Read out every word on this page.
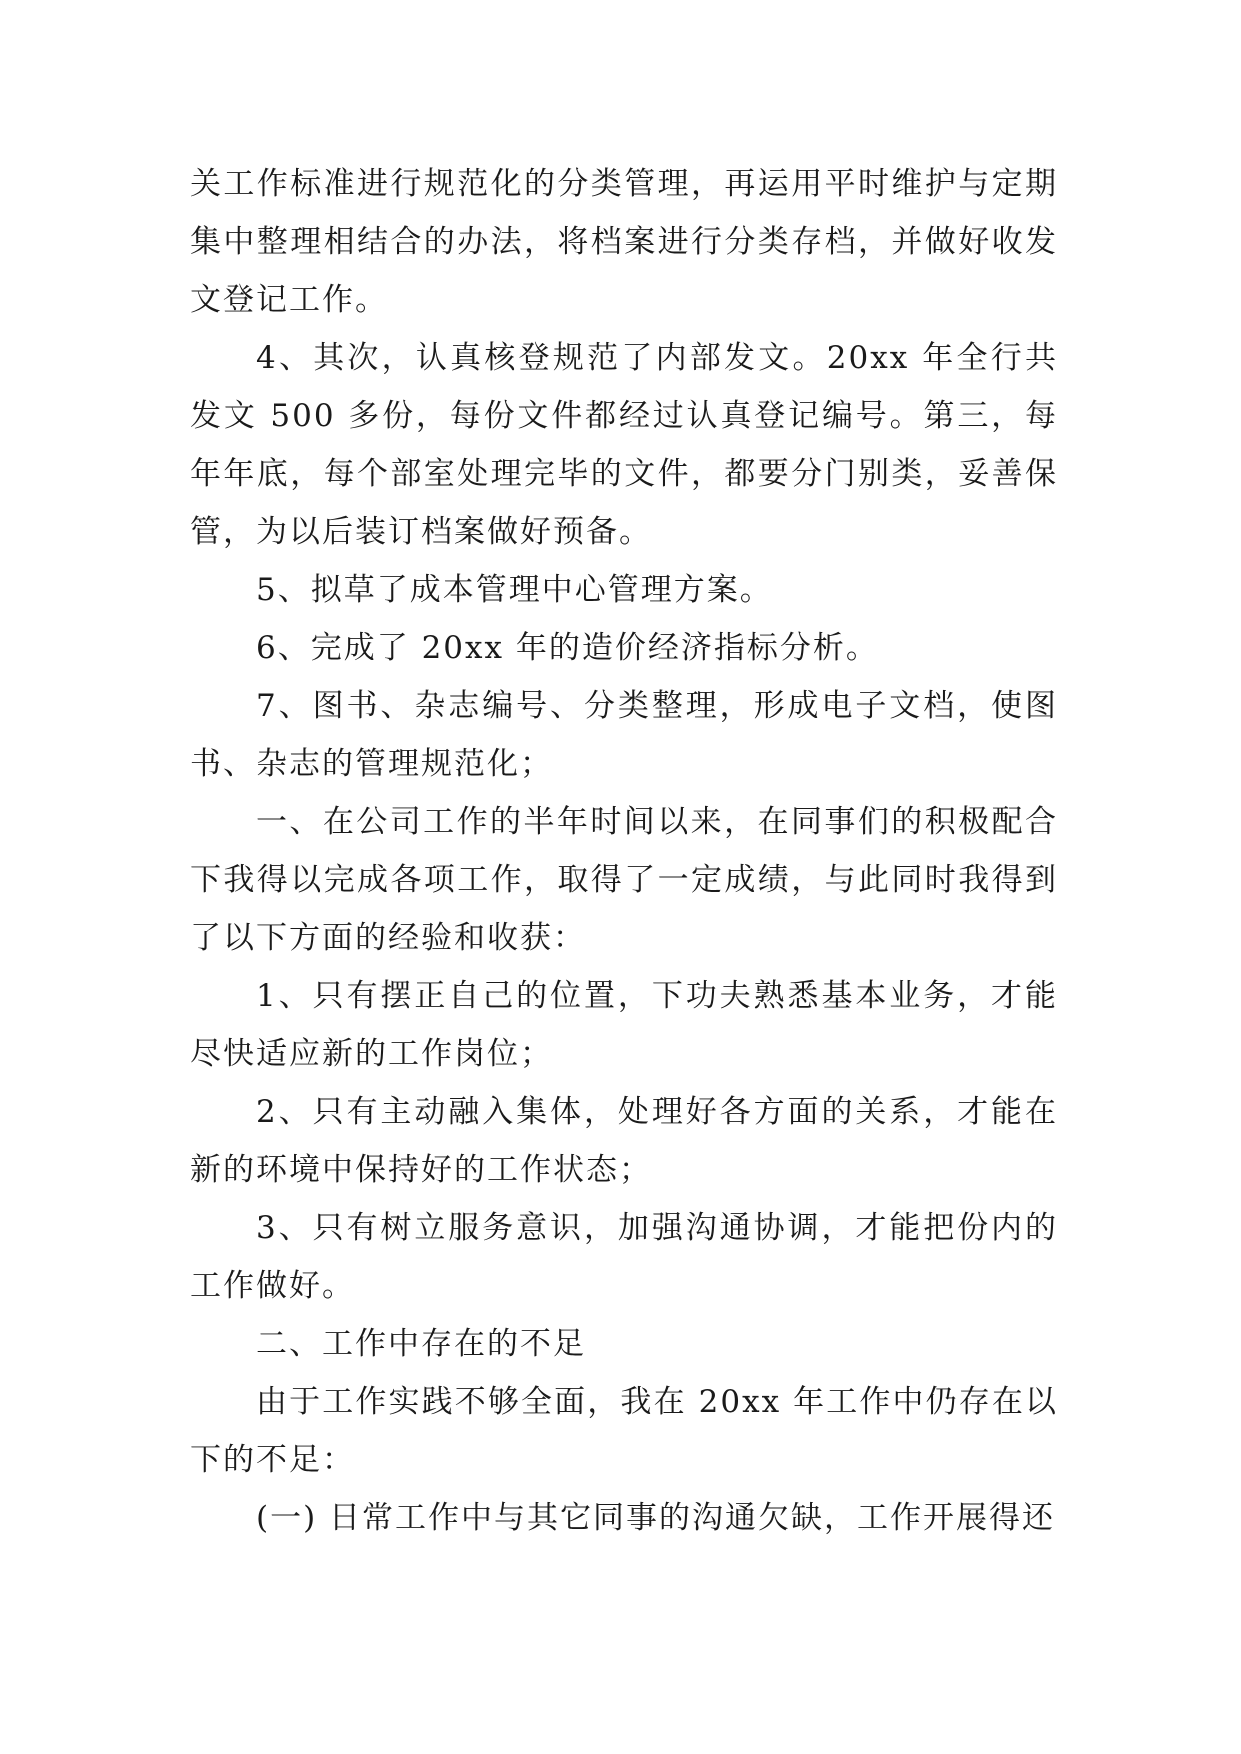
关工作标准进行规范化的分类管理，再运用平时维护与定期集中整理相结合的办法，将档案进行分类存档，并做好收发文登记工作。

4、其次，认真核登规范了内部发文。20xx 年全行共发文 500 多份，每份文件都经过认真登记编号。第三，每年年底，每个部室处理完毕的文件，都要分门别类，妥善保管，为以后装订档案做好预备。

5、拟草了成本管理中心管理方案。

6、完成了 20xx 年的造价经济指标分析。

7、图书、杂志编号、分类整理，形成电子文档，使图书、杂志的管理规范化；

一、在公司工作的半年时间以来，在同事们的积极配合下我得以完成各项工作，取得了一定成绩，与此同时我得到了以下方面的经验和收获：

1、只有摆正自己的位置，下功夫熟悉基本业务，才能尽快适应新的工作岗位；

2、只有主动融入集体，处理好各方面的关系，才能在新的环境中保持好的工作状态；

3、只有树立服务意识，加强沟通协调，才能把份内的工作做好。

二、工作中存在的不足

由于工作实践不够全面，我在 20xx 年工作中仍存在以下的不足：

(一) 日常工作中与其它同事的沟通欠缺，工作开展得还
